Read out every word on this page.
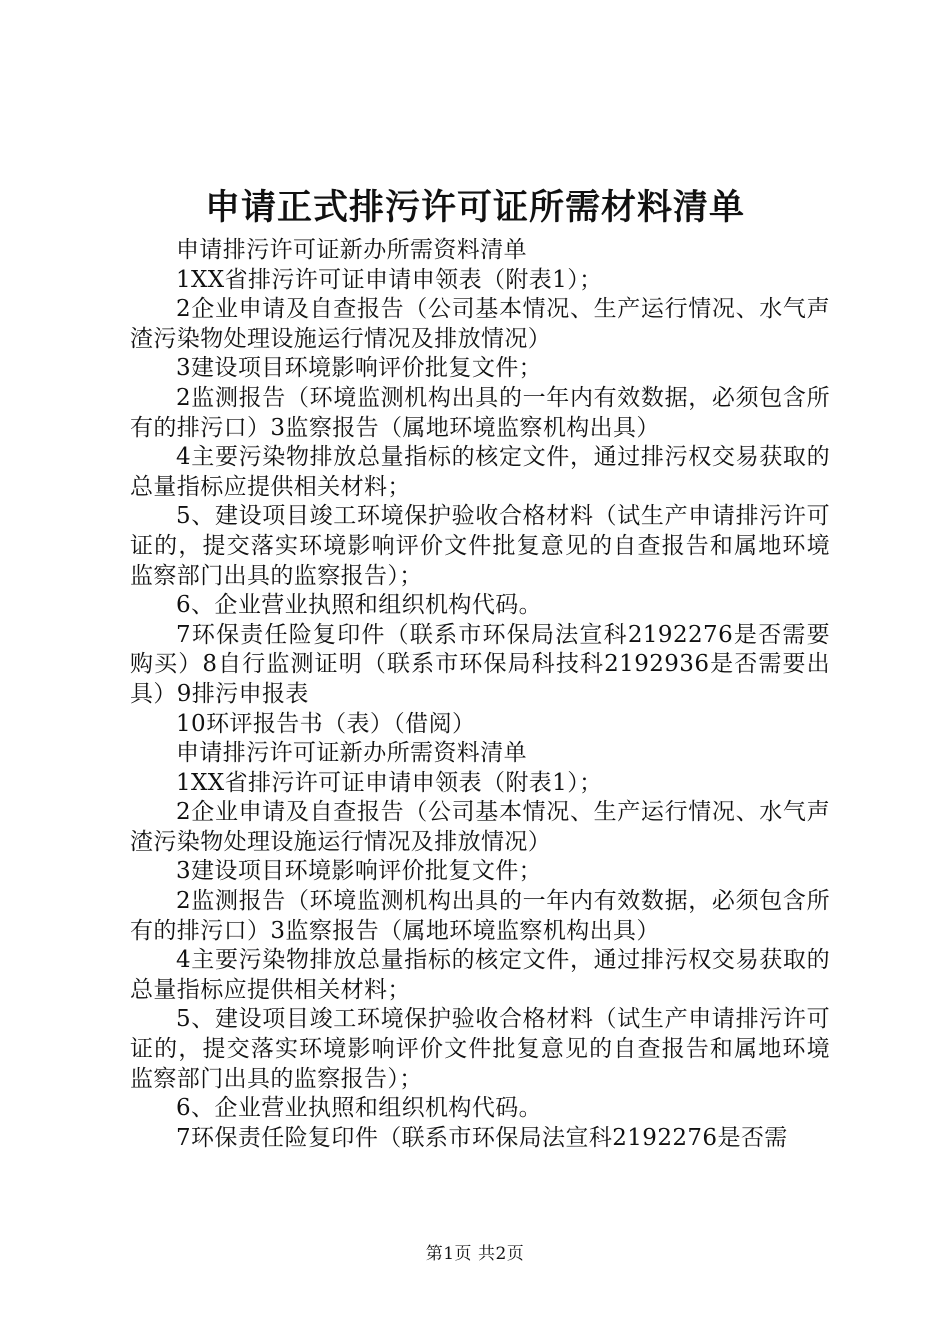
申请正式排污许可证所需材料清单

申请排污许可证新办所需资料清单

1XX省排污许可证申请申领表（附表1）；

2企业申请及自查报告（公司基本情况、生产运行情况、水气声渣污染物处理设施运行情况及排放情况）

3建设项目环境影响评价批复文件；

2监测报告（环境监测机构出具的一年内有效数据，必须包含所有的排污口）3监察报告（属地环境监察机构出具）

4主要污染物排放总量指标的核定文件，通过排污权交易获取的总量指标应提供相关材料；

5、建设项目竣工环境保护验收合格材料（试生产申请排污许可证的，提交落实环境影响评价文件批复意见的自查报告和属地环境监察部门出具的监察报告）；

6、企业营业执照和组织机构代码。

7环保责任险复印件（联系市环保局法宣科2192276是否需要购买）8自行监测证明（联系市环保局科技科2192936是否需要出具）9排污申报表

10环评报告书（表）（借阅）

申请排污许可证新办所需资料清单

1XX省排污许可证申请申领表（附表1）；

2企业申请及自查报告（公司基本情况、生产运行情况、水气声渣污染物处理设施运行情况及排放情况）

3建设项目环境影响评价批复文件；

2监测报告（环境监测机构出具的一年内有效数据，必须包含所有的排污口）3监察报告（属地环境监察机构出具）

4主要污染物排放总量指标的核定文件，通过排污权交易获取的总量指标应提供相关材料；

5、建设项目竣工环境保护验收合格材料（试生产申请排污许可证的，提交落实环境影响评价文件批复意见的自查报告和属地环境监察部门出具的监察报告）；

6、企业营业执照和组织机构代码。

7环保责任险复印件（联系市环保局法宣科2192276是否需

第1页 共2页
